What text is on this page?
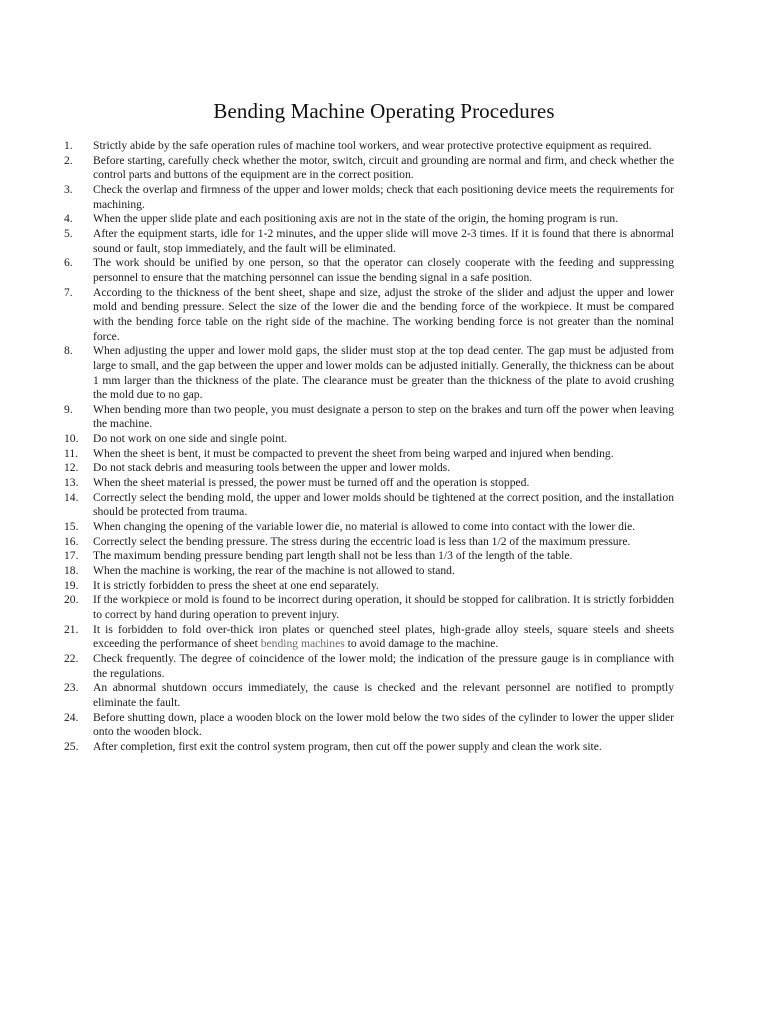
Bending Machine Operating Procedures
1.	Strictly abide by the safe operation rules of machine tool workers, and wear protective protective equipment as required.
2.	Before starting, carefully check whether the motor, switch, circuit and grounding are normal and firm, and check whether the control parts and buttons of the equipment are in the correct position.
3.	Check the overlap and firmness of the upper and lower molds; check that each positioning device meets the requirements for machining.
4.	When the upper slide plate and each positioning axis are not in the state of the origin, the homing program is run.
5.	After the equipment starts, idle for 1-2 minutes, and the upper slide will move 2-3 times. If it is found that there is abnormal sound or fault, stop immediately, and the fault will be eliminated.
6.	The work should be unified by one person, so that the operator can closely cooperate with the feeding and suppressing personnel to ensure that the matching personnel can issue the bending signal in a safe position.
7.	According to the thickness of the bent sheet, shape and size, adjust the stroke of the slider and adjust the upper and lower mold and bending pressure. Select the size of the lower die and the bending force of the workpiece. It must be compared with the bending force table on the right side of the machine. The working bending force is not greater than the nominal force.
8.	When adjusting the upper and lower mold gaps, the slider must stop at the top dead center. The gap must be adjusted from large to small, and the gap between the upper and lower molds can be adjusted initially. Generally, the thickness can be about 1 mm larger than the thickness of the plate. The clearance must be greater than the thickness of the plate to avoid crushing the mold due to no gap.
9.	When bending more than two people, you must designate a person to step on the brakes and turn off the power when leaving the machine.
10.	Do not work on one side and single point.
11.	When the sheet is bent, it must be compacted to prevent the sheet from being warped and injured when bending.
12.	Do not stack debris and measuring tools between the upper and lower molds.
13.	When the sheet material is pressed, the power must be turned off and the operation is stopped.
14.	Correctly select the bending mold, the upper and lower molds should be tightened at the correct position, and the installation should be protected from trauma.
15.	When changing the opening of the variable lower die, no material is allowed to come into contact with the lower die.
16.	Correctly select the bending pressure. The stress during the eccentric load is less than 1/2 of the maximum pressure.
17.	The maximum bending pressure bending part length shall not be less than 1/3 of the length of the table.
18.	When the machine is working, the rear of the machine is not allowed to stand.
19.	It is strictly forbidden to press the sheet at one end separately.
20.	If the workpiece or mold is found to be incorrect during operation, it should be stopped for calibration. It is strictly forbidden to correct by hand during operation to prevent injury.
21.	It is forbidden to fold over-thick iron plates or quenched steel plates, high-grade alloy steels, square steels and sheets exceeding the performance of sheet bending machines to avoid damage to the machine.
22.	Check frequently. The degree of coincidence of the lower mold; the indication of the pressure gauge is in compliance with the regulations.
23.	An abnormal shutdown occurs immediately, the cause is checked and the relevant personnel are notified to promptly eliminate the fault.
24.	Before shutting down, place a wooden block on the lower mold below the two sides of the cylinder to lower the upper slider onto the wooden block.
25.	After completion, first exit the control system program, then cut off the power supply and clean the work site.
